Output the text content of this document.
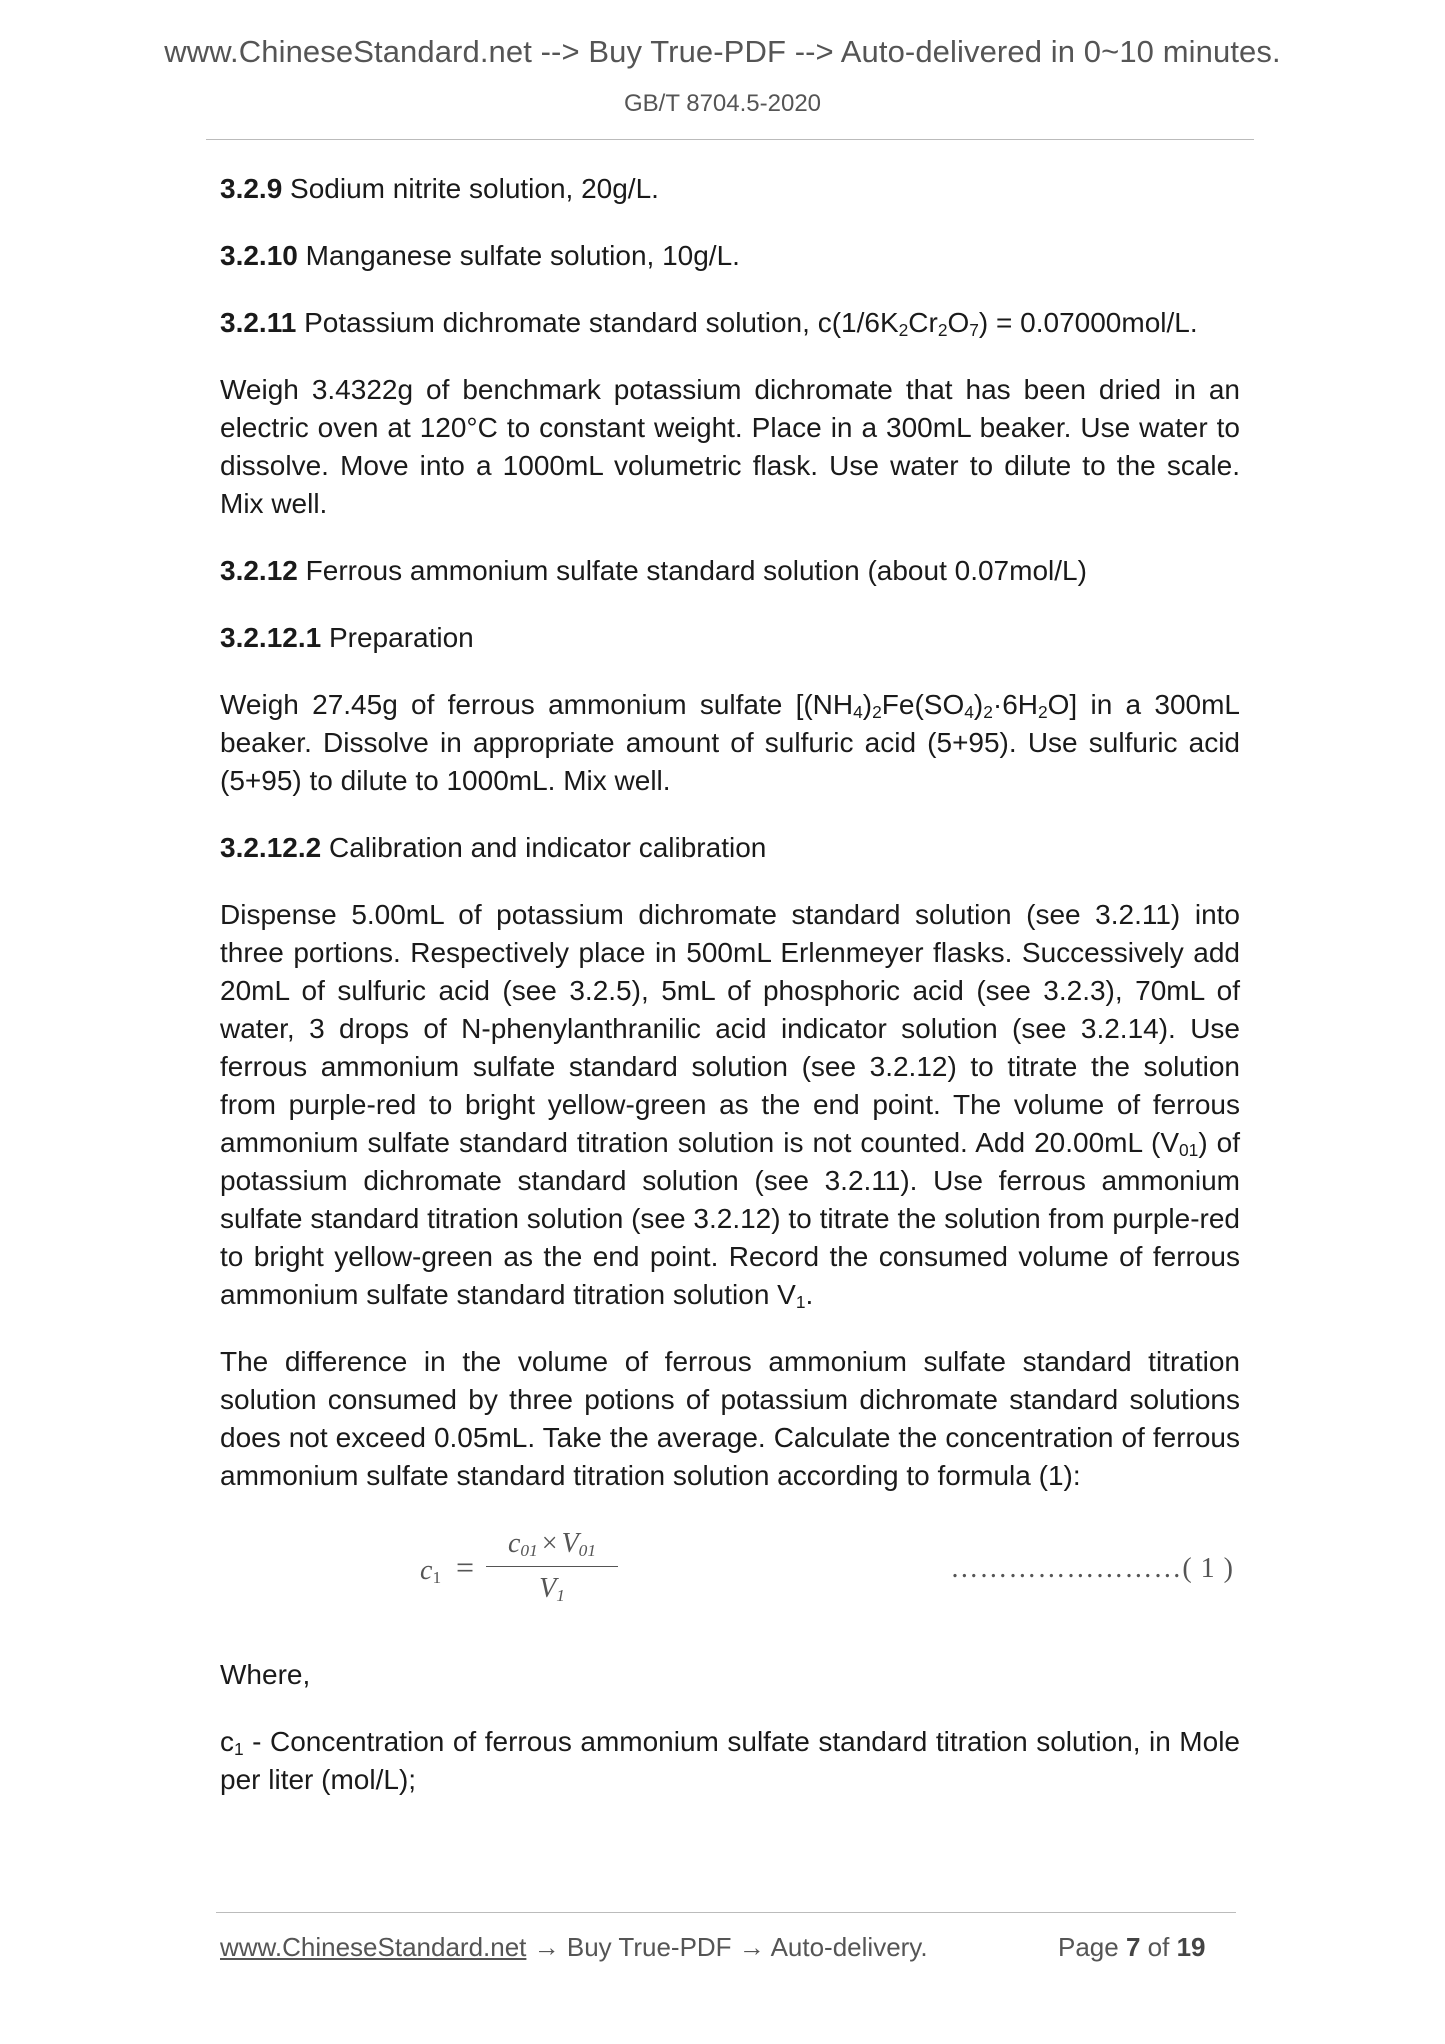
www.ChineseStandard.net --> Buy True-PDF --> Auto-delivered in 0~10 minutes.
GB/T 8704.5-2020

3.2.9 Sodium nitrite solution, 20g/L.

3.2.10 Manganese sulfate solution, 10g/L.

3.2.11 Potassium dichromate standard solution, $c(1/6K_2Cr_2O_7) = 0.07000mol/L$.

Weigh 3.4322g of benchmark potassium dichromate that has been dried in an electric oven at 120°C to constant weight. Place in a 300mL beaker. Use water to dissolve. Move into a 1000mL volumetric flask. Use water to dilute to the scale. Mix well.

3.2.12 Ferrous ammonium sulfate standard solution (about 0.07mol/L)

3.2.12.1 Preparation

Weigh 27.45g of ferrous ammonium sulfate $[(NH_4)_2Fe(SO_4)_2\cdot 6H_2O]$ in a 300mL beaker. Dissolve in appropriate amount of sulfuric acid (5+95). Use sulfuric acid (5+95) to dilute to 1000mL. Mix well.

3.2.12.2 Calibration and indicator calibration

Dispense 5.00mL of potassium dichromate standard solution (see 3.2.11) into three portions. Respectively place in 500mL Erlenmeyer flasks. Successively add 20mL of sulfuric acid (see 3.2.5), 5mL of phosphoric acid (see 3.2.3), 70mL of water, 3 drops of N-phenylanthranilic acid indicator solution (see 3.2.14). Use ferrous ammonium sulfate standard solution (see 3.2.12) to titrate the solution from purple-red to bright yellow-green as the end point. The volume of ferrous ammonium sulfate standard titration solution is not counted. Add 20.00mL $(V_{01})$ of potassium dichromate standard solution (see 3.2.11). Use ferrous ammonium sulfate standard titration solution (see 3.2.12) to titrate the solution from purple-red to bright yellow-green as the end point. Record the consumed volume of ferrous ammonium sulfate standard titration solution $V_1$.

The difference in the volume of ferrous ammonium sulfate standard titration solution consumed by three potions of potassium dichromate standard solutions does not exceed 0.05mL. Take the average. Calculate the concentration of ferrous ammonium sulfate standard titration solution according to formula (1):

$c_1$ =
$c_{01} \times V_{01}$
$V_1$
……………………( 1 )

Where,

$c_1$ - Concentration of ferrous ammonium sulfate standard titration solution, in Mole per liter (mol/L);

www.ChineseStandard.net → Buy True-PDF → Auto-delivery.	Page 7 of 19
